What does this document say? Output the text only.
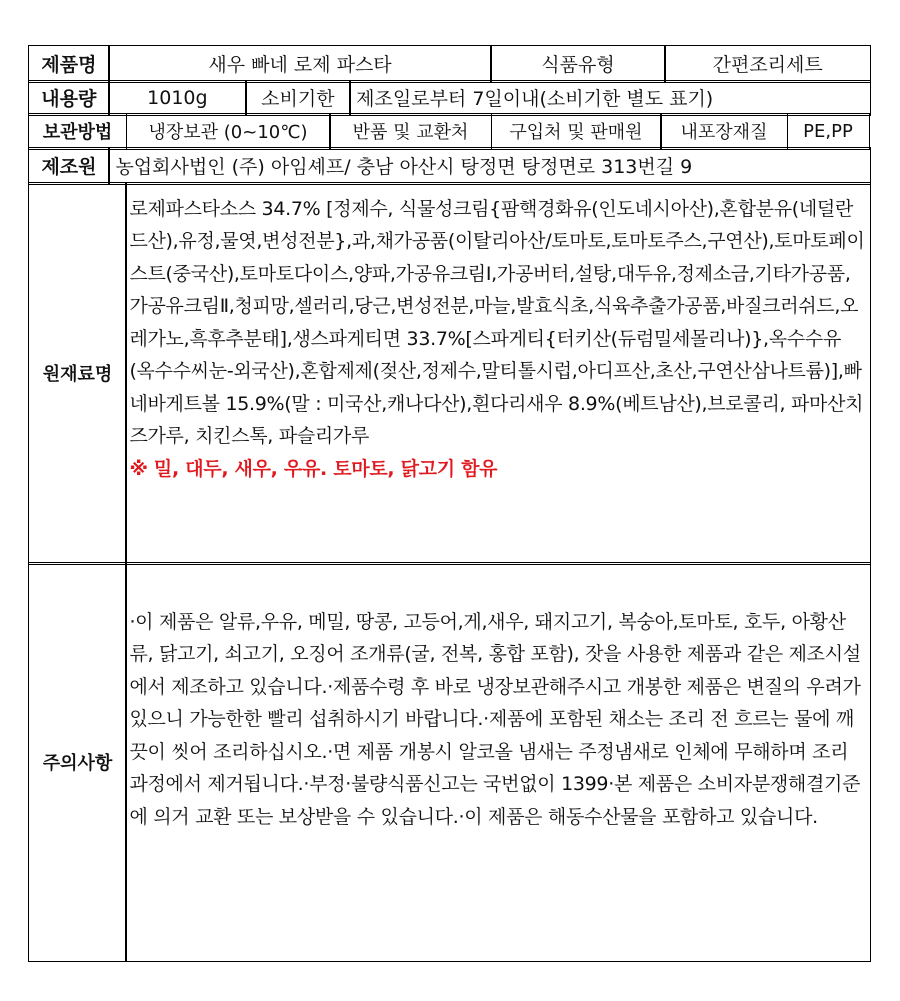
제품명	새우 빠네 로제 파스타	식품유형	간편조리세트
내용량	1010g	소비기한	제조일로부터 7일이내(소비기한 별도 표기)
보관방법	냉장보관 (0~10℃)	반품 및 교환처	구입처 및 판매원	내포장재질	PE,PP
제조원 농업회사법인 (주) 아임셰프/ 충남 아산시 탕정면 탕정면로 313번길 9
원재료명

로제파스타소스 34.7% [정제수, 식물성크림{팜핵경화유(인도네시아산),혼합분유(네덜란드산),유정,물엿,변성전분},과,채가공품(이탈리아산/토마토,토마토주스,구연산),토마토페이스트(중국산),토마토다이스,양파,가공유크림Ⅰ,가공버터,설탕,대두유,정제소금,기타가공품,가공유크림Ⅱ,청피망,셀러리,당근,변성전분,마늘,발효식초,식육추출가공품,바질크러쉬드,오레가노,흑후추분태],생스파게티면 33.7%[스파게티{터키산(듀럼밀세몰리나)},옥수수유(옥수수씨눈-외국산),혼합제제(젖산,정제수,말티톨시럽,아디프산,초산,구연산삼나트륨)],빠네바게트볼 15.9%(말 : 미국산,캐나다산),흰다리새우 8.9%(베트남산),브로콜리, 파마산치즈가루, 치킨스톡, 파슬리가루

※ 밀, 대두, 새우, 우유. 토마토, 닭고기 함유

주의사항

·이 제품은 알류,우유, 메밀, 땅콩, 고등어,게,새우, 돼지고기, 복숭아,토마토, 호두, 아황산류, 닭고기, 쇠고기, 오징어 조개류(굴, 전복, 홍합 포함), 잣을 사용한 제품과 같은 제조시설에서 제조하고 있습니다.·제품수령 후 바로 냉장보관해주시고 개봉한 제품은 변질의 우려가 있으니 가능한한 빨리 섭취하시기 바랍니다.·제품에 포함된 채소는 조리 전 흐르는 물에 깨끗이 씻어 조리하십시오.·면 제품 개봉시 알코올 냄새는 주정냄새로 인체에 무해하며 조리과정에서 제거됩니다.·부정·불량식품신고는 국번없이 1399·본 제품은 소비자분쟁해결기준에 의거 교환 또는 보상받을 수 있습니다.·이 제품은 해동수산물을 포함하고 있습니다.
